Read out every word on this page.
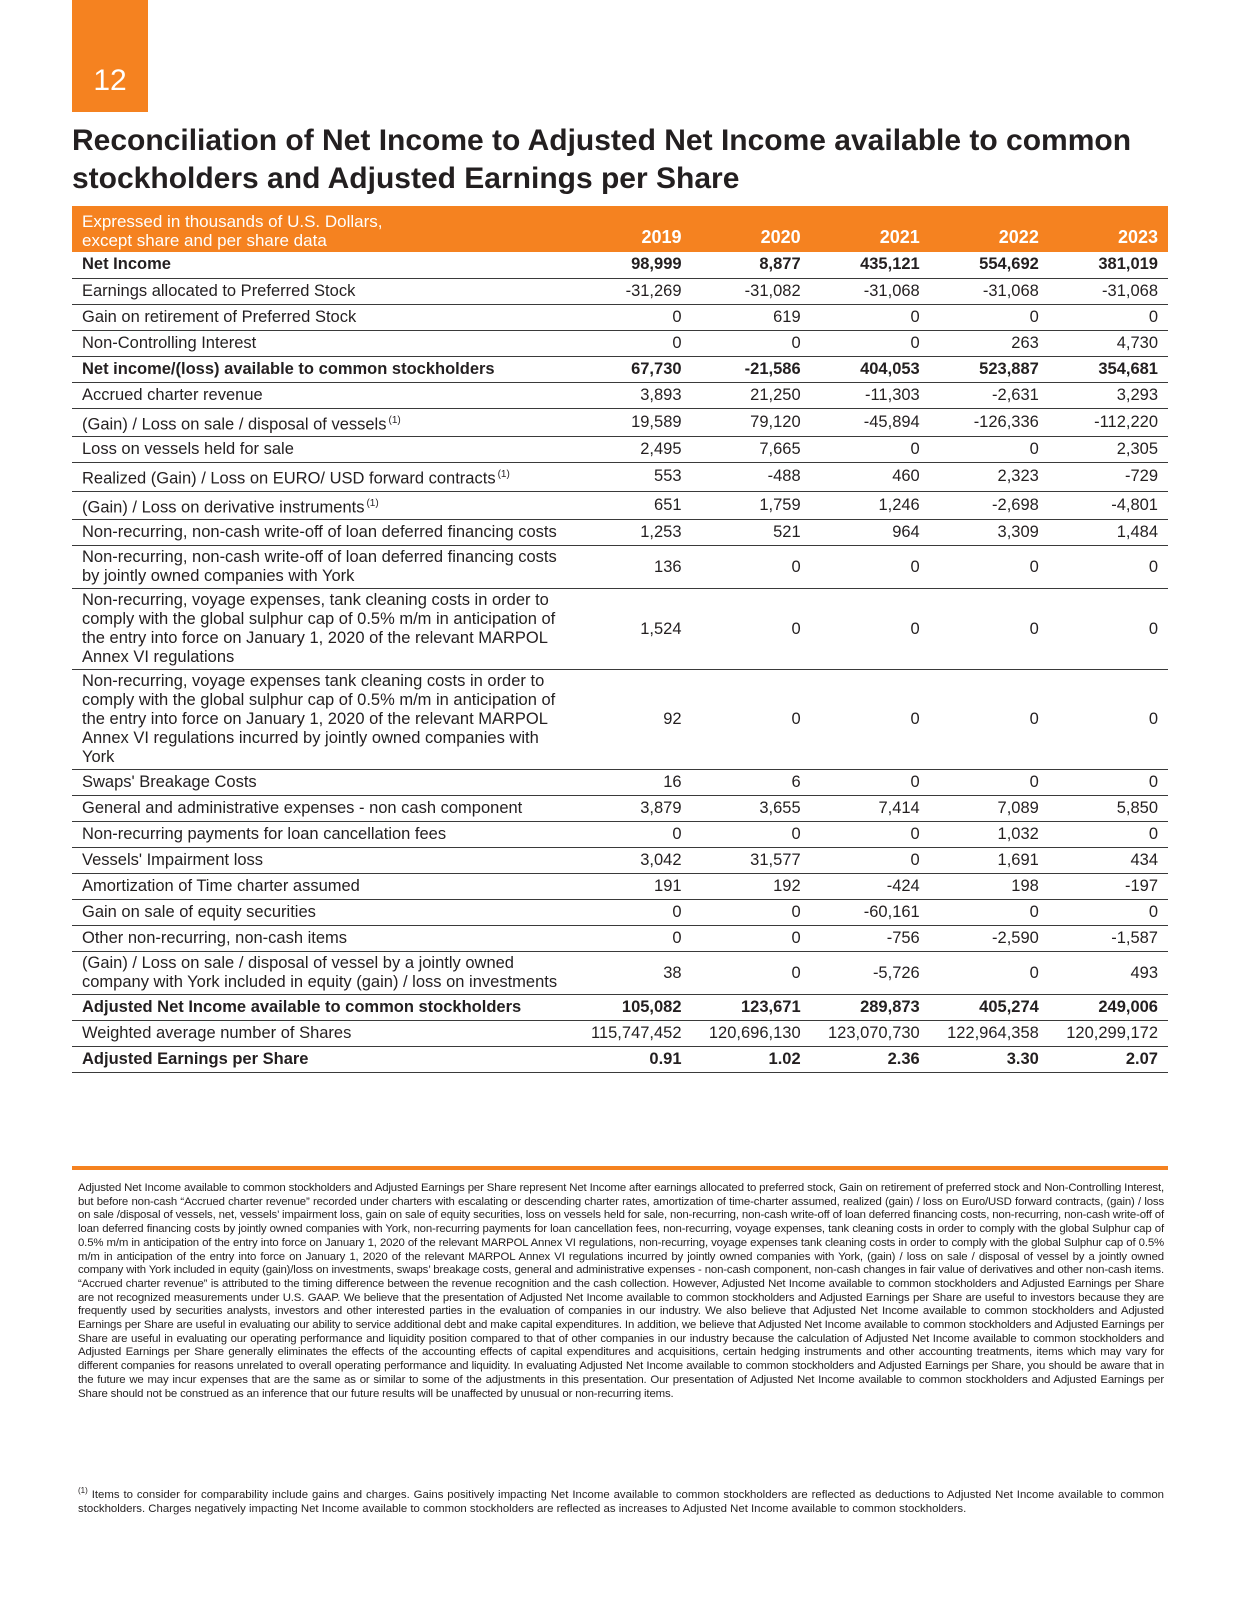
12
Reconciliation of Net Income to Adjusted Net Income available to common stockholders and Adjusted Earnings per Share
Expressed in thousands of U.S. Dollars,
except share and per share data	2019	2020	2021	2022	2023
Net Income	98,999	8,877	435,121	554,692	381,019
Earnings allocated to Preferred Stock	-31,269	-31,082	-31,068	-31,068	-31,068
Gain on retirement of Preferred Stock	0	619	0	0	0
Non-Controlling Interest	0	0	0	263	4,730
Net income/(loss) available to common stockholders	67,730	-21,586	404,053	523,887	354,681
Accrued charter revenue	3,893	21,250	-11,303	-2,631	3,293
(Gain) / Loss on sale / disposal of vessels $^{(1)}$	19,589	79,120	-45,894	-126,336	-112,220
Loss on vessels held for sale	2,495	7,665	0	0	2,305
Realized (Gain) / Loss on EURO/ USD forward contracts $^{(1)}$	553	-488	460	2,323	-729
(Gain) / Loss on derivative instruments $^{(1)}$	651	1,759	1,246	-2,698	-4,801
Non-recurring, non-cash write-off of loan deferred financing costs	1,253	521	964	3,309	1,484
Non-recurring, non-cash write-off of loan deferred financing costs by jointly owned companies with York	136	0	0	0	0
Non-recurring, voyage expenses, tank cleaning costs in order to comply with the global sulphur cap of 0.5% m/m in anticipation of the entry into force on January 1, 2020 of the relevant MARPOL Annex VI regulations	1,524	0	0	0	0
Non-recurring, voyage expenses tank cleaning costs in order to comply with the global sulphur cap of 0.5% m/m in anticipation of the entry into force on January 1, 2020 of the relevant MARPOL Annex VI regulations incurred by jointly owned companies with York	92	0	0	0	0
Swaps' Breakage Costs	16	6	0	0	0
General and administrative expenses - non cash component	3,879	3,655	7,414	7,089	5,850
Non-recurring payments for loan cancellation fees	0	0	0	1,032	0
Vessels' Impairment loss	3,042	31,577	0	1,691	434
Amortization of Time charter assumed	191	192	-424	198	-197
Gain on sale of equity securities	0	0	-60,161	0	0
Other non-recurring, non-cash items	0	0	-756	-2,590	-1,587
(Gain) / Loss on sale / disposal of vessel by a jointly owned company with York included in equity (gain) / loss on investments	38	0	-5,726	0	493
Adjusted Net Income available to common stockholders	105,082	123,671	289,873	405,274	249,006
Weighted average number of Shares	115,747,452	120,696,130	123,070,730	122,964,358	120,299,172
Adjusted Earnings per Share	0.91	1.02	2.36	3.30	2.07

Adjusted Net Income available to common stockholders and Adjusted Earnings per Share represent Net Income after earnings allocated to preferred stock, Gain on retirement of preferred stock and Non-Controlling Interest, but before non-cash “Accrued charter revenue” recorded under charters with escalating or descending charter rates, amortization of time-charter assumed, realized (gain) / loss on Euro/USD forward contracts, (gain) / loss on sale /disposal of vessels, net, vessels’ impairment loss, gain on sale of equity securities, loss on vessels held for sale, non-recurring, non-cash write-off of loan deferred financing costs, non-recurring, non-cash write-off of loan deferred financing costs by jointly owned companies with York, non-recurring payments for loan cancellation fees, non-recurring, voyage expenses, tank cleaning costs in order to comply with the global Sulphur cap of 0.5% m/m in anticipation of the entry into force on January 1, 2020 of the relevant MARPOL Annex VI regulations, non-recurring, voyage expenses tank cleaning costs in order to comply with the global Sulphur cap of 0.5% m/m in anticipation of the entry into force on January 1, 2020 of the relevant MARPOL Annex VI regulations incurred by jointly owned companies with York, (gain) / loss on sale / disposal of vessel by a jointly owned company with York included in equity (gain)/loss on investments, swaps’ breakage costs, general and administrative expenses - non-cash component, non-cash changes in fair value of derivatives and other non-cash items. “Accrued charter revenue” is attributed to the timing difference between the revenue recognition and the cash collection. However, Adjusted Net Income available to common stockholders and Adjusted Earnings per Share are not recognized measurements under U.S. GAAP. We believe that the presentation of Adjusted Net Income available to common stockholders and Adjusted Earnings per Share are useful to investors because they are frequently used by securities analysts, investors and other interested parties in the evaluation of companies in our industry. We also believe that Adjusted Net Income available to common stockholders and Adjusted Earnings per Share are useful in evaluating our ability to service additional debt and make capital expenditures. In addition, we believe that Adjusted Net Income available to common stockholders and Adjusted Earnings per Share are useful in evaluating our operating performance and liquidity position compared to that of other companies in our industry because the calculation of Adjusted Net Income available to common stockholders and Adjusted Earnings per Share generally eliminates the effects of the accounting effects of capital expenditures and acquisitions, certain hedging instruments and other accounting treatments, items which may vary for different companies for reasons unrelated to overall operating performance and liquidity. In evaluating Adjusted Net Income available to common stockholders and Adjusted Earnings per Share, you should be aware that in the future we may incur expenses that are the same as or similar to some of the adjustments in this presentation. Our presentation of Adjusted Net Income available to common stockholders and Adjusted Earnings per Share should not be construed as an inference that our future results will be unaffected by unusual or non-recurring items.

$^{(1)}$ Items to consider for comparability include gains and charges. Gains positively impacting Net Income available to common stockholders are reflected as deductions to Adjusted Net Income available to common stockholders. Charges negatively impacting Net Income available to common stockholders are reflected as increases to Adjusted Net Income available to common stockholders.
